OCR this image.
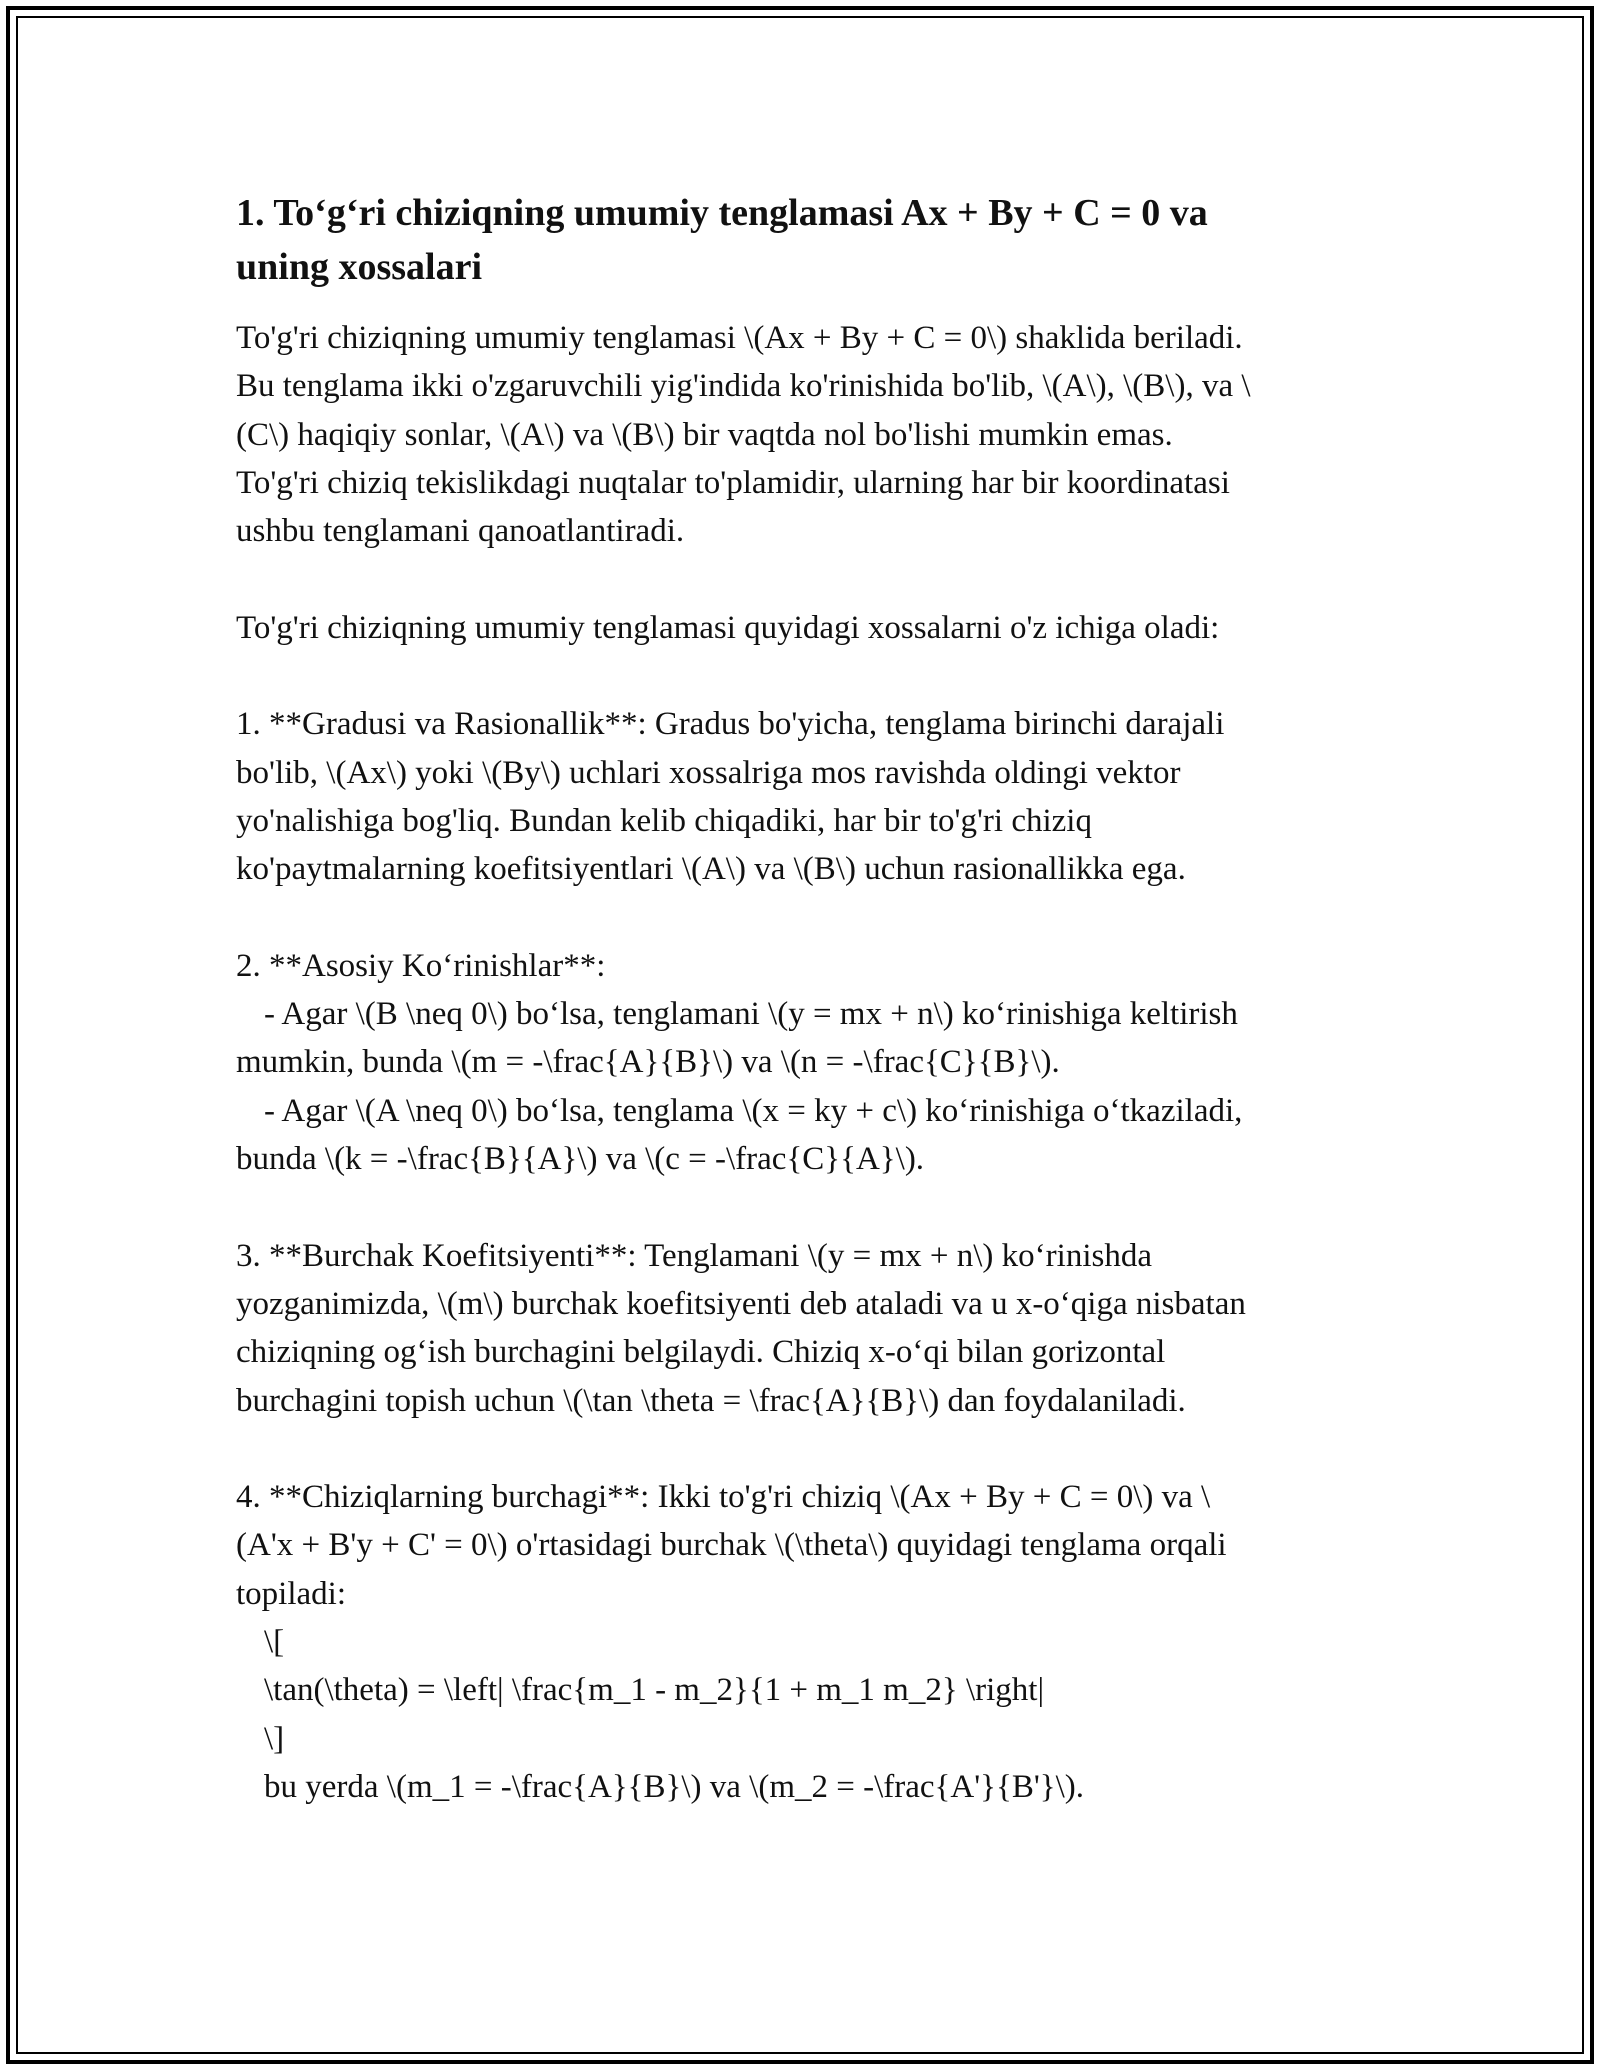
1. To‘g‘ri chiziqning umumiy tenglamasi Ax + By + C = 0 va
uning xossalari
To'g'ri chiziqning umumiy tenglamasi \(Ax + By + C = 0\) shaklida beriladi.
Bu tenglama ikki o'zgaruvchili yig'indida ko'rinishida bo'lib, \(A\), \(B\), va \
(C\) haqiqiy sonlar, \(A\) va \(B\) bir vaqtda nol bo'lishi mumkin emas.
To'g'ri chiziq tekislikdagi nuqtalar to'plamidir, ularning har bir koordinatasi
ushbu tenglamani qanoatlantiradi.
To'g'ri chiziqning umumiy tenglamasi quyidagi xossalarni o'z ichiga oladi:
1. **Gradusi va Rasionallik**: Gradus bo'yicha, tenglama birinchi darajali
bo'lib, \(Ax\) yoki \(By\) uchlari xossalriga mos ravishda oldingi vektor
yo'nalishiga bog'liq. Bundan kelib chiqadiki, har bir to'g'ri chiziq
ko'paytmalarning koefitsiyentlari \(A\) va \(B\) uchun rasionallikka ega.
2. **Asosiy Ko‘rinishlar**:
- Agar \(B \neq 0\) bo‘lsa, tenglamani \(y = mx + n\) ko‘rinishiga keltirish
mumkin, bunda \(m = -\frac{A}{B}\) va \(n = -\frac{C}{B}\).
- Agar \(A \neq 0\) bo‘lsa, tenglama \(x = ky + c\) ko‘rinishiga o‘tkaziladi,
bunda \(k = -\frac{B}{A}\) va \(c = -\frac{C}{A}\).
3. **Burchak Koefitsiyenti**: Tenglamani \(y = mx + n\) ko‘rinishda
yozganimizda, \(m\) burchak koefitsiyenti deb ataladi va u x-o‘qiga nisbatan
chiziqning og‘ish burchagini belgilaydi. Chiziq x-o‘qi bilan gorizontal
burchagini topish uchun \(\tan \theta = \frac{A}{B}\) dan foydalaniladi.
4. **Chiziqlarning burchagi**: Ikki to'g'ri chiziq \(Ax + By + C = 0\) va \
(A'x + B'y + C' = 0\) o'rtasidagi burchak \(\theta\) quyidagi tenglama orqali
topiladi:
\[
\tan(\theta) = \left| \frac{m_1 - m_2}{1 + m_1 m_2} \right|
\]
bu yerda \(m_1 = -\frac{A}{B}\) va \(m_2 = -\frac{A'}{B'}\).
